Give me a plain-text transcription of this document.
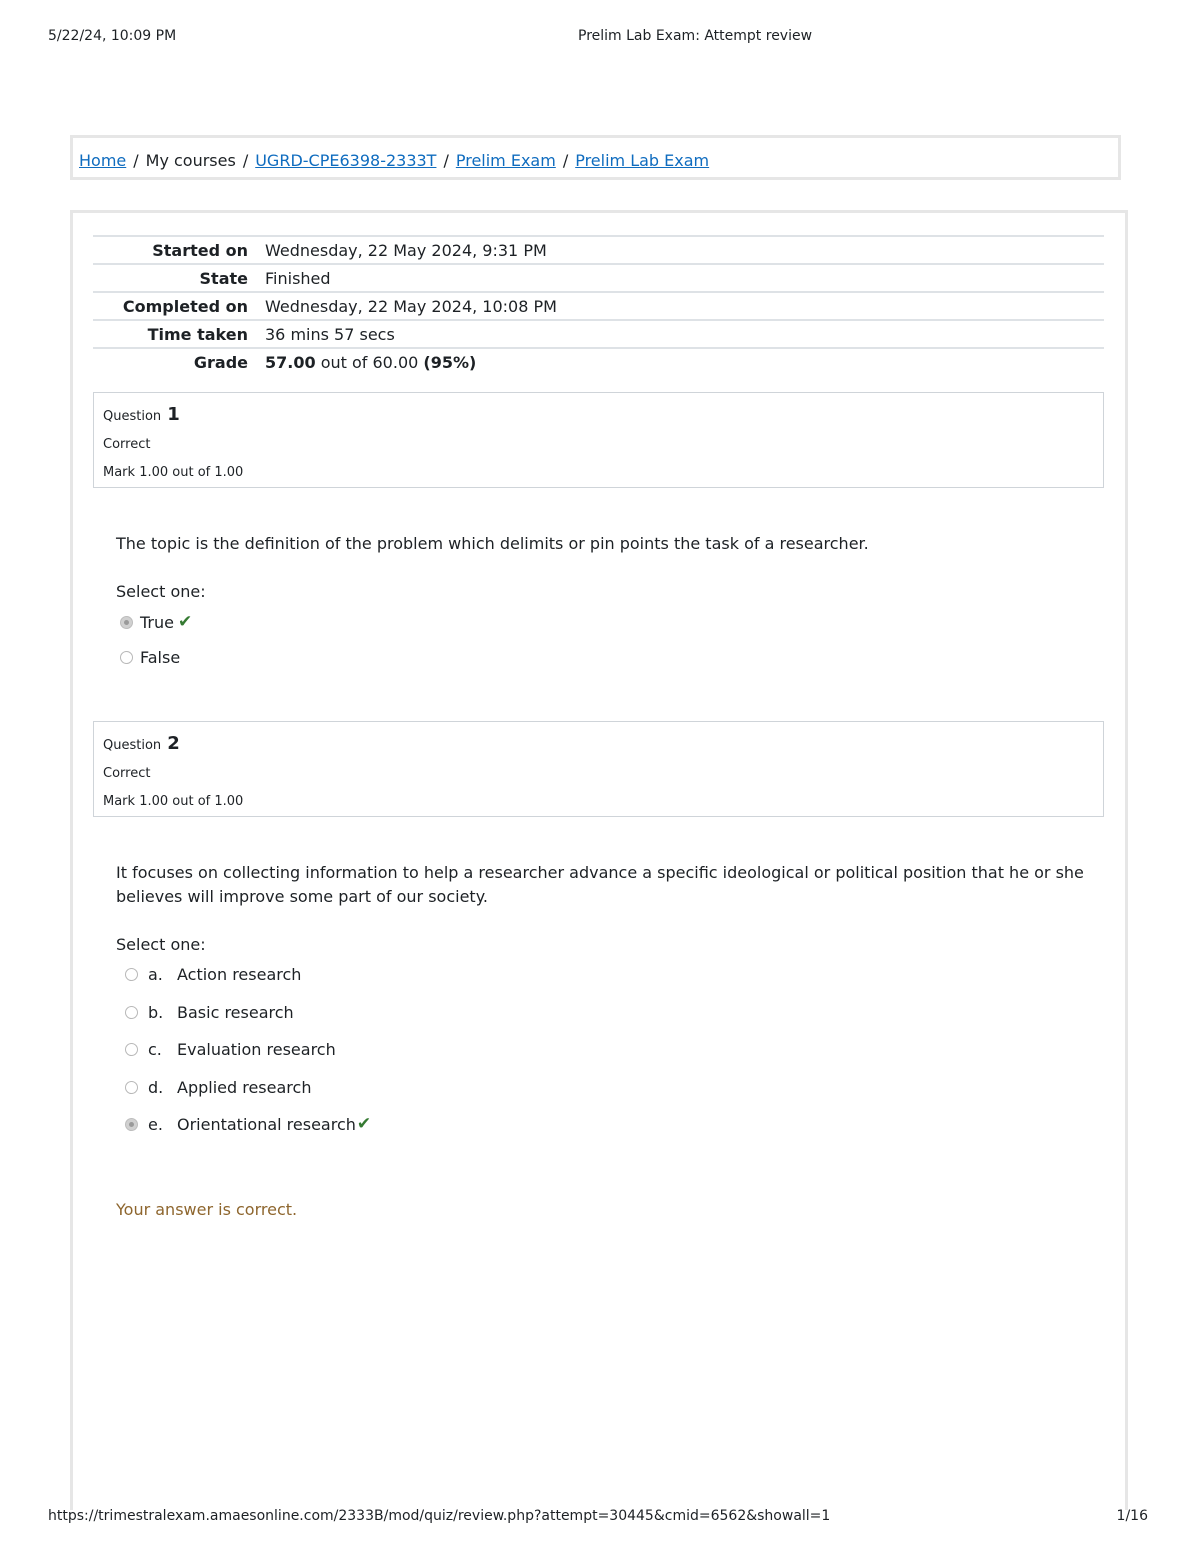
5/22/24, 10:09 PM	Prelim Lab Exam: Attempt review
Home / My courses / UGRD-CPE6398-2333T / Prelim Exam / Prelim Lab Exam
Started on	Wednesday, 22 May 2024, 9:31 PM
State	Finished
Completed on	Wednesday, 22 May 2024, 10:08 PM
Time taken	36 mins 57 secs
Grade	57.00 out of 60.00 (95%)
Question 1
Correct
Mark 1.00 out of 1.00
The topic is the definition of the problem which delimits or pin points the task of a researcher.
Select one:
True ✔
False
Question 2
Correct
Mark 1.00 out of 1.00
It focuses on collecting information to help a researcher advance a specific ideological or political position that he or she believes will improve some part of our society.
Select one:
a. Action research
b. Basic research
c. Evaluation research
d. Applied research
e. Orientational research ✔
Your answer is correct.
https://trimestralexam.amaesonline.com/2333B/mod/quiz/review.php?attempt=30445&cmid=6562&showall=1	1/16
